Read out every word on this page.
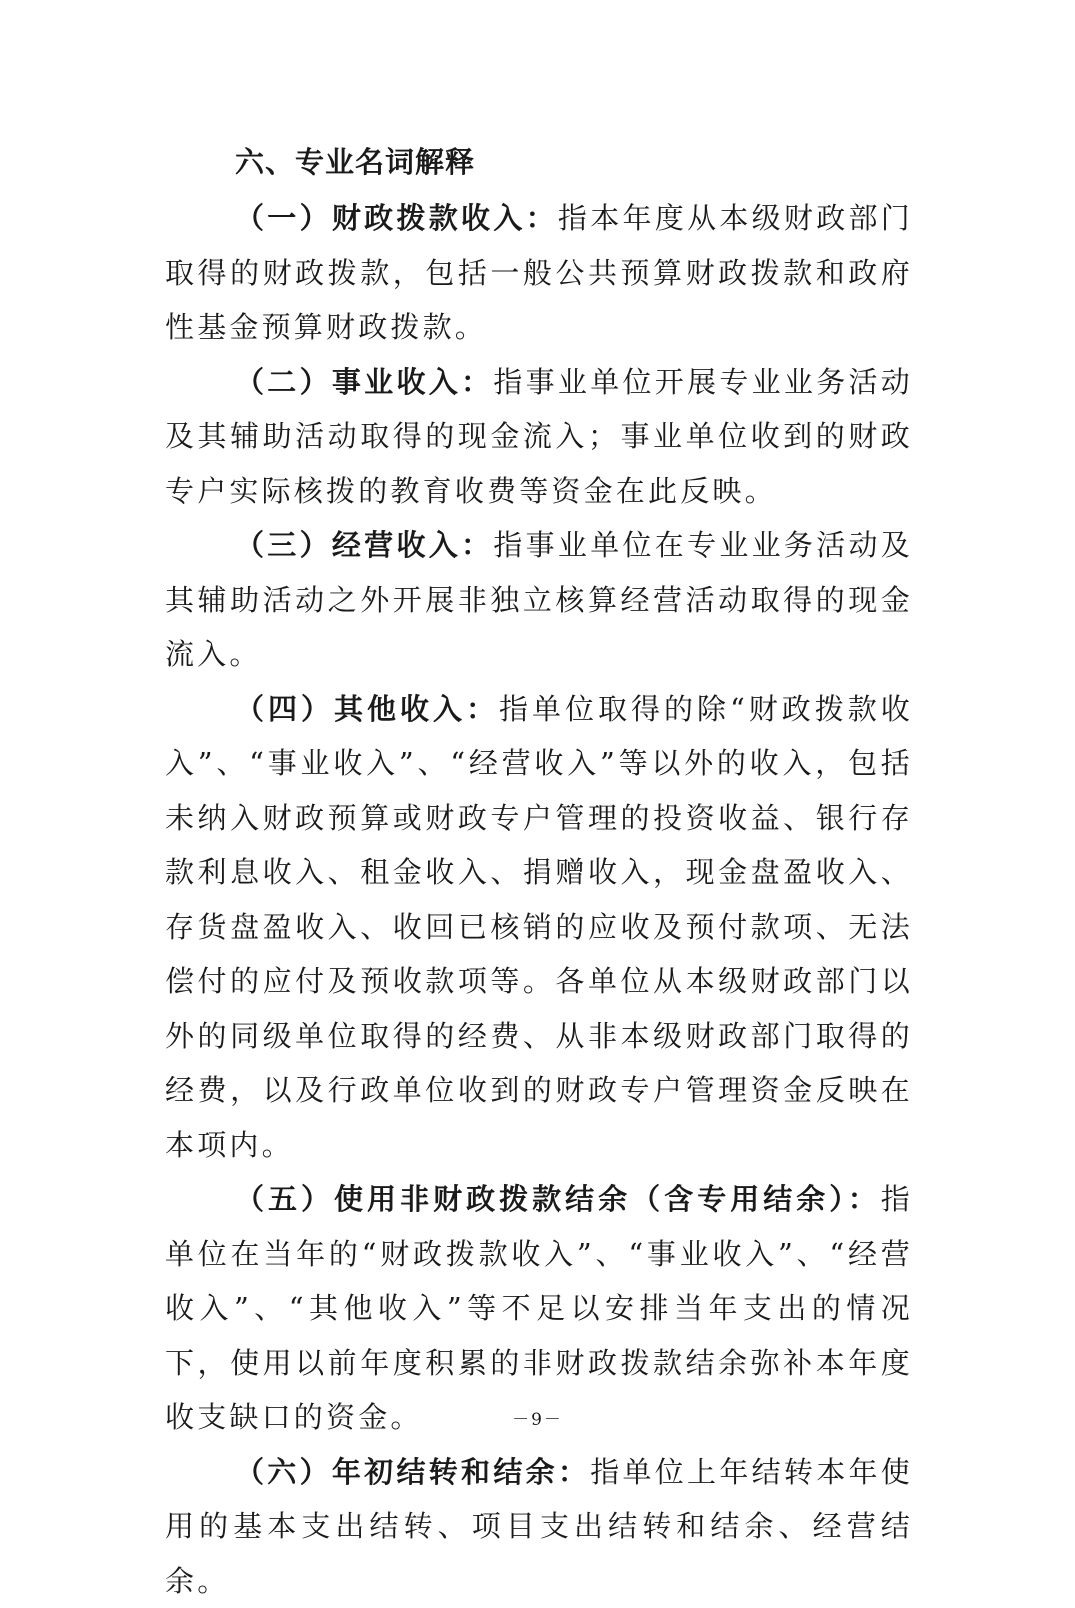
六、专业名词解释

（一）财政拨款收入：指本年度从本级财政部门取得的财政拨款，包括一般公共预算财政拨款和政府性基金预算财政拨款。

（二）事业收入：指事业单位开展专业业务活动及其辅助活动取得的现金流入；事业单位收到的财政专户实际核拨的教育收费等资金在此反映。

（三）经营收入：指事业单位在专业业务活动及其辅助活动之外开展非独立核算经营活动取得的现金流入。

（四）其他收入：指单位取得的除“财政拨款收入”、“事业收入”、“经营收入”等以外的收入，包括未纳入财政预算或财政专户管理的投资收益、银行存款利息收入、租金收入、捐赠收入，现金盘盈收入、存货盘盈收入、收回已核销的应收及预付款项、无法偿付的应付及预收款项等。各单位从本级财政部门以外的同级单位取得的经费、从非本级财政部门取得的经费，以及行政单位收到的财政专户管理资金反映在本项内。

（五）使用非财政拨款结余（含专用结余）：指单位在当年的“财政拨款收入”、“事业收入”、“经营收入”、“其他收入”等不足以安排当年支出的情况下，使用以前年度积累的非财政拨款结余弥补本年度收支缺口的资金。

（六）年初结转和结余：指单位上年结转本年使用的基本支出结转、项目支出结转和结余、经营结余。

－9－
